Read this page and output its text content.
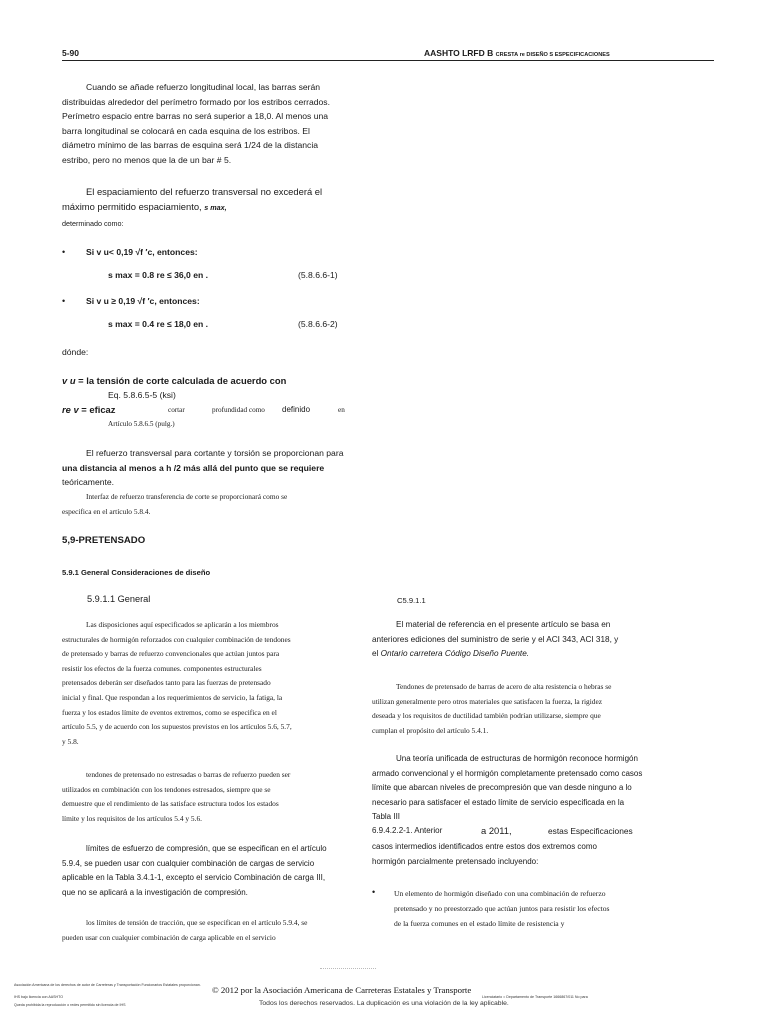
5-90	AASHTO LRFD B CRESTA re DISEÑO S ESPECIFICACIONES
Cuando se añade refuerzo longitudinal local, las barras serán
distribuidas alrededor del perímetro formado por los estribos cerrados.
Perímetro espacio entre barras no será superior a 18,0. Al menos una
barra longitudinal se colocará en cada esquina de los estribos. El
diámetro mínimo de las barras de esquina será 1/24 de la distancia
estribo, pero no menos que la de un bar # 5.
El espaciamiento del refuerzo transversal no excederá el
máximo permitido espaciamiento, s max,
determinado como:
• Si v u< 0,19 √f ′c, entonces:
s max = 0.8 re ≤ 36,0 en .	(5.8.6.6-1)
• Si v u ≥ 0,19 √f ′c, entonces:
s max = 0.4 re ≤ 18,0 en .	(5.8.6.6-2)
dónde:
v u = la tensión de corte calculada de acuerdo con
Eq. 5.8.6.5-5 (ksi)
re v = eficaz	cortar	profundidad como definido	en
Artículo 5.8.6.5 (pulg.)
El refuerzo transversal para cortante y torsión se proporcionan para
una distancia al menos a h /2 más allá del punto que se requiere
teóricamente.
Interfaz de refuerzo transferencia de corte se proporcionará como se
especifica en el artículo 5.8.4.
5,9-PRETENSADO
5.9.1 General Consideraciones de diseño
5.9.1.1 General	C5.9.1.1
Las disposiciones aquí especificados se aplicarán a los miembros
estructurales de hormigón reforzados con cualquier combinación de tendones
de pretensado y barras de refuerzo convencionales que actúan juntos para
resistir los efectos de la fuerza comunes. componentes estructurales
pretensados deberán ser diseñados tanto para las fuerzas de pretensado
inicial y final. Que respondan a los requerimientos de servicio, la fatiga, la
fuerza y los estados límite de eventos extremos, como se especifica en el
artículo 5.5, y de acuerdo con los supuestos previstos en los artículos 5.6, 5.7,
y 5.8.
tendones de pretensado no estresadas o barras de refuerzo pueden ser
utilizados en combinación con los tendones estresados, siempre que se
demuestre que el rendimiento de las satisface estructura todos los estados
límite y los requisitos de los artículos 5.4 y 5.6.
límites de esfuerzo de compresión, que se especifican en el artículo
5.9.4, se pueden usar con cualquier combinación de cargas de servicio
aplicable en la Tabla 3.4.1-1, excepto el servicio Combinación de carga III,
que no se aplicará a la investigación de compresión.
los límites de tensión de tracción, que se especifican en el artículo 5.9.4, se
pueden usar con cualquier combinación de carga aplicable en el servicio
El material de referencia en el presente artículo se basa en
anteriores ediciones del suministro de serie y el ACI 343, ACI 318, y
el Ontario carretera Código Diseño Puente.
Tendones de pretensado de barras de acero de alta resistencia o hebras se
utilizan generalmente pero otros materiales que satisfacen la fuerza, la rigidez
deseada y los requisitos de ductilidad también podrían utilizarse, siempre que
cumplan el propósito del artículo 5.4.1.
Una teoría unificada de estructuras de hormigón reconoce hormigón
armado convencional y el hormigón completamente pretensado como casos
límite que abarcan niveles de precompresión que van desde ninguno a lo
necesario para satisfacer el estado límite de servicio especificada en la
Tabla III
6.9.4.2.2-1. Anterior	a 2011,	estas Especificaciones
casos intermedios identificados entre estos dos extremos como
hormigón parcialmente pretensado incluyendo:
• Un elemento de hormigón diseñado con una combinación de refuerzo
pretensado y no preestorzado que actúan juntos para resistir los efectos
de la fuerza comunes en el estado límite de resistencia y
Asociación Americana de los derechos de autor de Carreteras y Transportación Funcionarios Estatales proporcionan.
IHS bajo licencia con AASHTO
Queda prohibida la reproducción o redes permitido sin licencia de IHS
© 2012 por la Asociación Americana de Carreteras Estatales y Transporte
Licenciatario = Departamento de Transporte 1666867/011 No para
Todos los derechos reservados. La duplicación es una violación de la ley aplicable.
